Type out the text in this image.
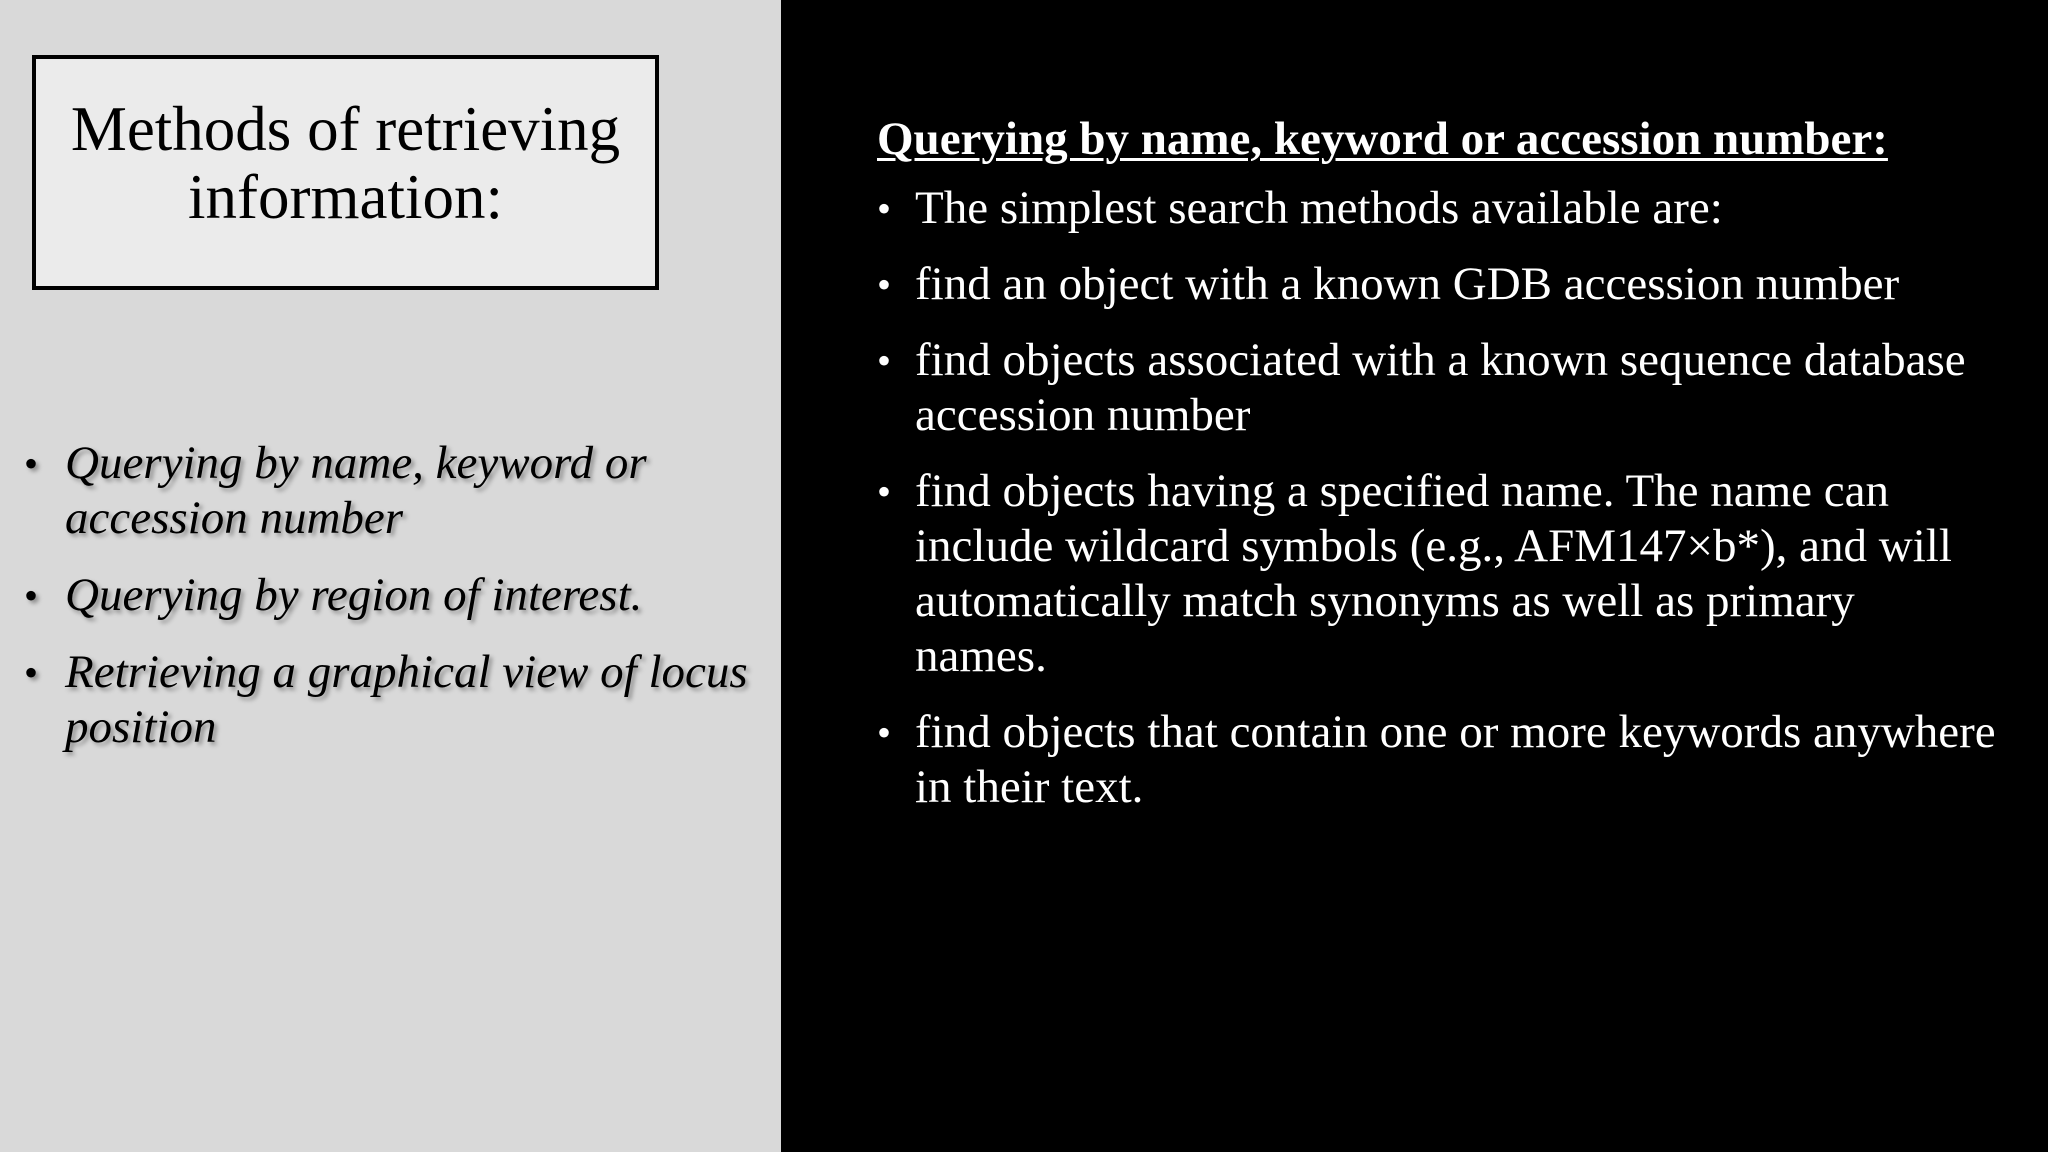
Methods of retrieving information:
• Querying by name, keyword or accession number
• Querying by region of interest.
• Retrieving a graphical view of locus position
Querying by name, keyword or accession number:
• The simplest search methods available are:
• find an object with a known GDB accession number
• find objects associated with a known sequence database accession number
• find objects having a specified name. The name can include wildcard symbols (e.g., AFM147×b*), and will automatically match synonyms as well as primary names.
• find objects that contain one or more keywords anywhere in their text.
